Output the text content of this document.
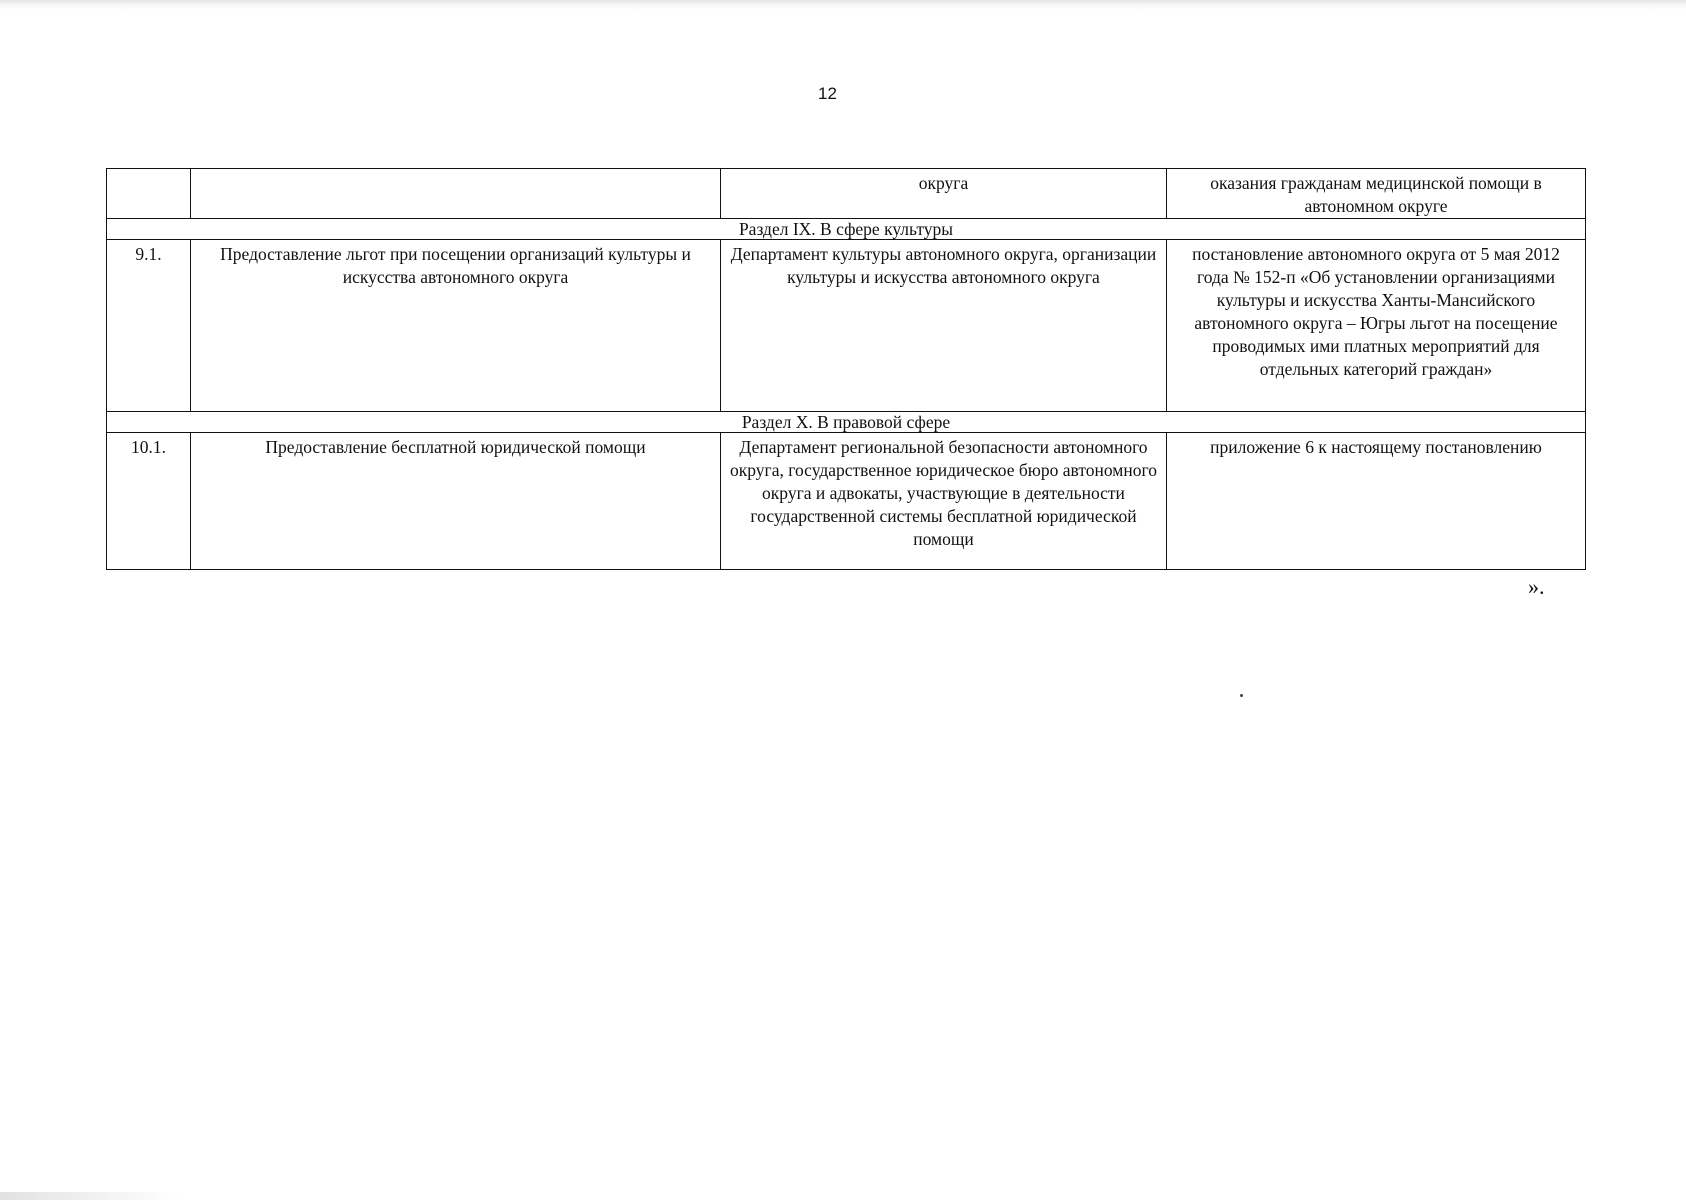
12
		округа	оказания гражданам медицинской помощи в автономном округе
Раздел IX. В сфере культуры			
9.1.	Предоставление льгот при посещении организаций культуры и искусства автономного округа	Департамент культуры автономного округа, организации культуры и искусства автономного округа	постановление автономного округа от 5 мая 2012 года № 152-п «Об установлении организациями культуры и искусства Ханты-Мансийского автономного округа – Югры льгот на посещение проводимых ими платных мероприятий для отдельных категорий граждан»
Раздел X. В правовой сфере			
10.1.	Предоставление бесплатной юридической помощи	Департамент региональной безопасности автономного округа, государственное юридическое бюро автономного округа и адвокаты, участвующие в деятельности государственной системы бесплатной юридической помощи	приложение 6 к настоящему постановлению
».
